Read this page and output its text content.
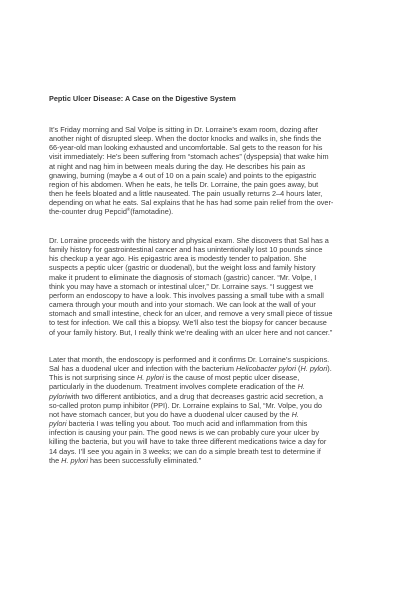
Peptic Ulcer Disease: A Case on the Digestive System
It’s Friday morning and Sal Volpe is sitting in Dr. Lorraine’s exam room, dozing after
another night of disrupted sleep. When the doctor knocks and walks in, she finds the
66-year-old man looking exhausted and uncomfortable. Sal gets to the reason for his
visit immediately: He’s been suffering from “stomach aches” (dyspepsia) that wake him
at night and nag him in between meals during the day. He describes his pain as
gnawing, burning (maybe a 4 out of 10 on a pain scale) and points to the epigastric
region of his abdomen. When he eats, he tells Dr. Lorraine, the pain goes away, but
then he feels bloated and a little nauseated. The pain usually returns 2–4 hours later,
depending on what he eats. Sal explains that he has had some pain relief from the over-
the-counter drug Pepcid®(famotadine).
Dr. Lorraine proceeds with the history and physical exam. She discovers that Sal has a
family history for gastrointestinal cancer and has unintentionally lost 10 pounds since
his checkup a year ago. His epigastric area is modestly tender to palpation. She
suspects a peptic ulcer (gastric or duodenal), but the weight loss and family history
make it prudent to eliminate the diagnosis of stomach (gastric) cancer. “Mr. Volpe, I
think you may have a stomach or intestinal ulcer,” Dr. Lorraine says. “I suggest we
perform an endoscopy to have a look. This involves passing a small tube with a small
camera through your mouth and into your stomach. We can look at the wall of your
stomach and small intestine, check for an ulcer, and remove a very small piece of tissue
to test for infection. We call this a biopsy. We’ll also test the biopsy for cancer because
of your family history. But, I really think we’re dealing with an ulcer here and not cancer.”
Later that month, the endoscopy is performed and it confirms Dr. Lorraine’s suspicions.
Sal has a duodenal ulcer and infection with the bacterium Helicobacter pylori (H. pylori).
This is not surprising since H. pylori is the cause of most peptic ulcer disease,
particularly in the duodenum. Treatment involves complete eradication of the H.
pyloriwith two different antibiotics, and a drug that decreases gastric acid secretion, a
so-called proton pump inhibitor (PPI). Dr. Lorraine explains to Sal, “Mr. Volpe, you do
not have stomach cancer, but you do have a duodenal ulcer caused by the H.
pylori bacteria I was telling you about. Too much acid and inflammation from this
infection is causing your pain. The good news is we can probably cure your ulcer by
killing the bacteria, but you will have to take three different medications twice a day for
14 days. I’ll see you again in 3 weeks; we can do a simple breath test to determine if
the H. pylori has been successfully eliminated.”
